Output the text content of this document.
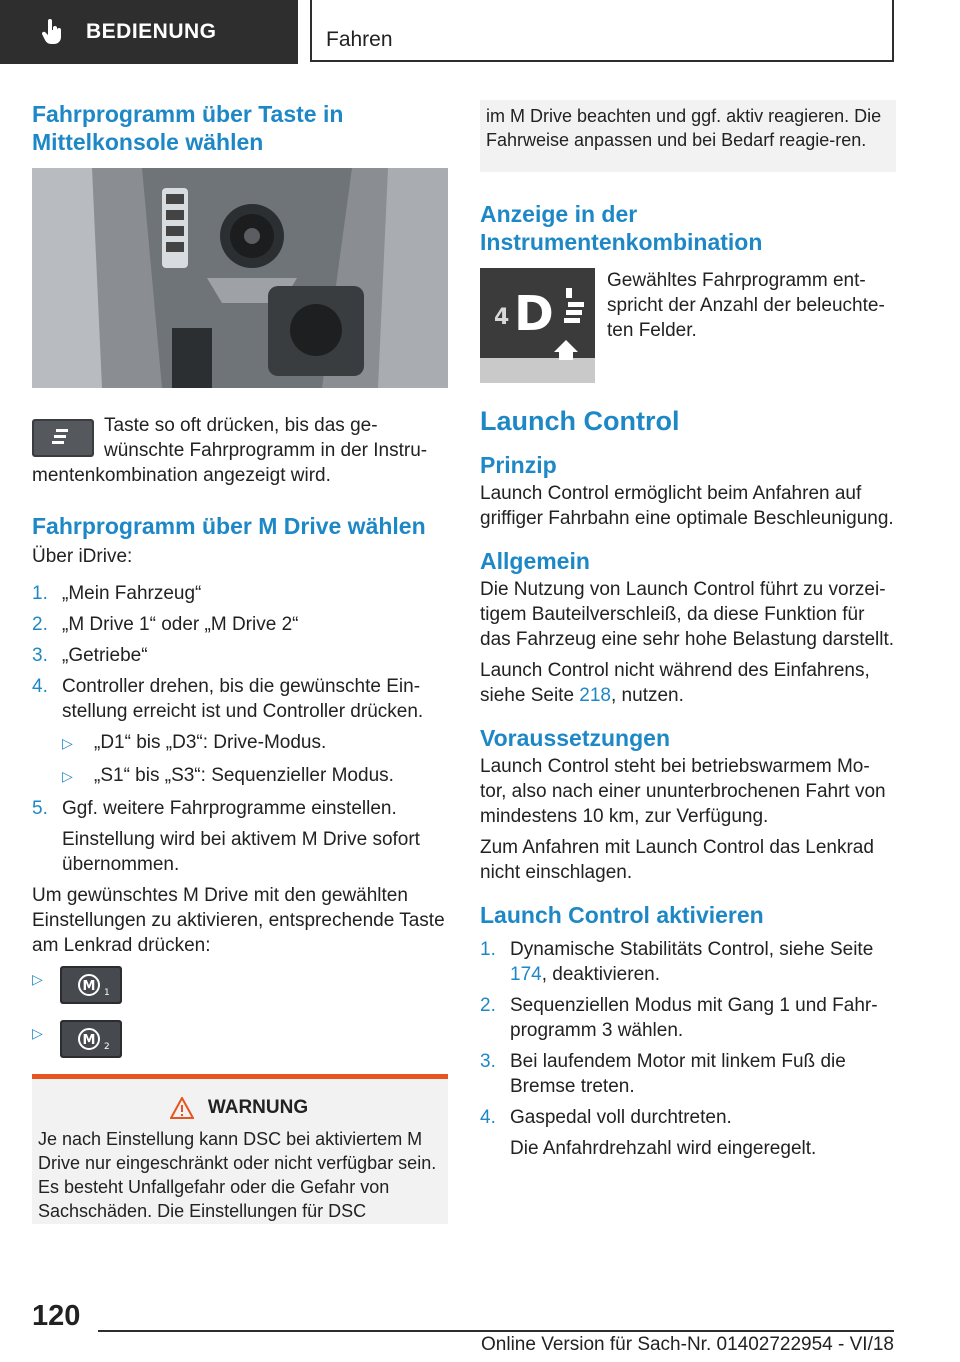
BEDIENUNG	Fahren
Fahrprogramm über Taste in Mittelkonsole wählen

Taste so oft drücken, bis das ge‐wünschte Fahrprogramm in der Instru‐mentenkombination angezeigt wird.

Fahrprogramm über M Drive wählen

Über iDrive:

1. „Mein Fahrzeug“
2. „M Drive 1“ oder „M Drive 2“
3. „Getriebe“
4. Controller drehen, bis die gewünschte Ein‐stellung erreicht ist und Controller drücken.
▷ „D1“ bis „D3“: Drive-Modus.
▷ „S1“ bis „S3“: Sequenzieller Modus.
5. Ggf. weitere Fahrprogramme einstellen.

Einstellung wird bei aktivem M Drive sofort übernommen.

Um gewünschtes M Drive mit den gewählten Einstellungen zu aktivieren, entsprechende Taste am Lenkrad drücken:

▷	M 1
▷	M 2
WARNUNG

Je nach Einstellung kann DSC bei aktiviertem M Drive nur eingeschränkt oder nicht verfügbar sein. Es besteht Unfallgefahr oder die Gefahr von Sachschäden. Die Einstellungen für DSC

im M Drive beachten und ggf. aktiv reagieren. Die Fahrweise anpassen und bei Bedarf reagie‐ren.

Anzeige in der Instrumentenkombination
4 D

Gewähltes Fahrprogramm ent‐spricht der Anzahl der beleuchte‐ten Felder.

Launch Control
Prinzip

Launch Control ermöglicht beim Anfahren auf griffiger Fahrbahn eine optimale Beschleunigung.

Allgemein

Die Nutzung von Launch Control führt zu vorzei‐tigem Bauteilverschleiß, da diese Funktion für das Fahrzeug eine sehr hohe Belastung darstellt.

Launch Control nicht während des Einfahrens, siehe Seite 218, nutzen.

Voraussetzungen

Launch Control steht bei betriebswarmem Mo‐tor, also nach einer ununterbrochenen Fahrt von mindestens 10 km, zur Verfügung.

Zum Anfahren mit Launch Control das Lenkrad nicht einschlagen.

Launch Control aktivieren
1. Dynamische Stabilitäts Control, siehe Seite 174, deaktivieren.
2. Sequenziellen Modus mit Gang 1 und Fahr‐programm 3 wählen.
3. Bei laufendem Motor mit linkem Fuß die Bremse treten.
4. Gaspedal voll durchtreten.

Die Anfahrdrehzahl wird eingeregelt.

120
Online Version für Sach-Nr. 01402722954 - VI/18
